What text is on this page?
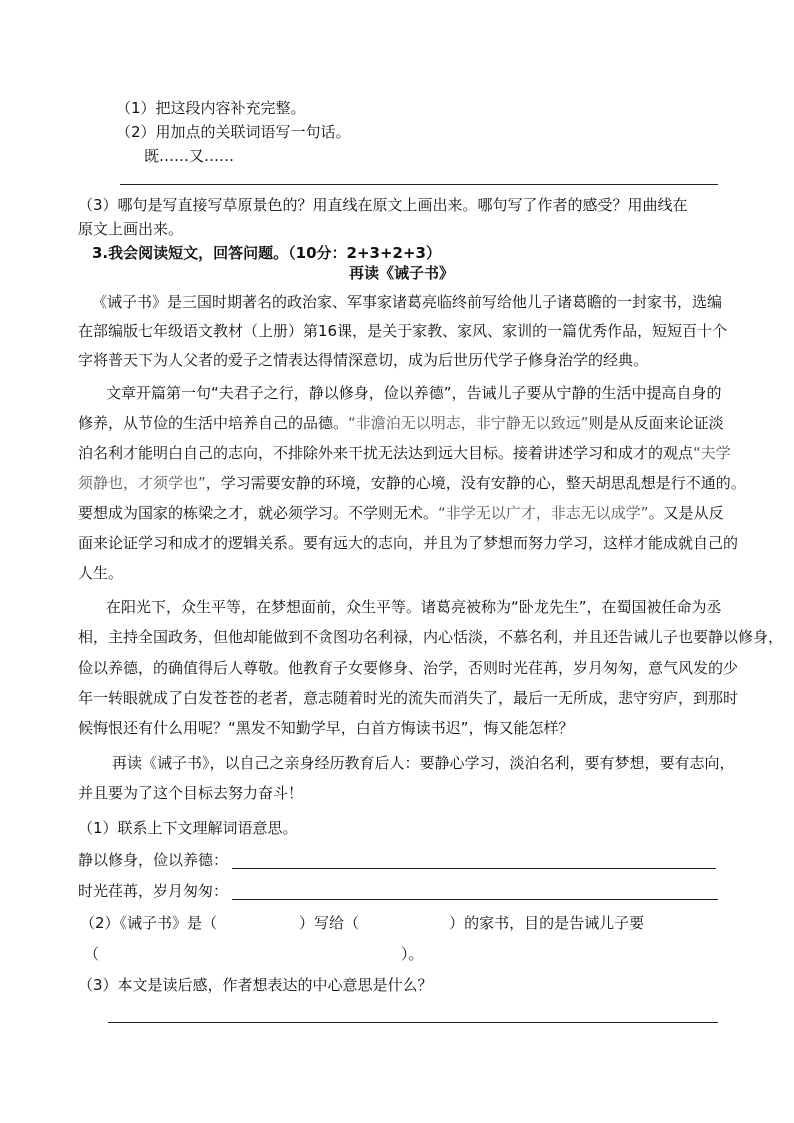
（1）把这段内容补充完整。
（2）用加点的关联词语写一句话。
既……又……
（3）哪句是写直接写草原景色的？用直线在原文上画出来。哪句写了作者的感受？用曲线在
原文上画出来。
3.我会阅读短文，回答问题。（10分：2+3+2+3）
再读《诫子书》
《诫子书》是三国时期著名的政治家、军事家诸葛亮临终前写给他儿子诸葛瞻的一封家书，选编
在部编版七年级语文教材（上册）第16课，是关于家教、家风、家训的一篇优秀作品，短短百十个
字将普天下为人父者的爱子之情表达得情深意切，成为后世历代学子修身治学的经典。
文章开篇第一句“夫君子之行，静以修身，俭以养德”，告诫儿子要从宁静的生活中提高自身的
修养，从节俭的生活中培养自己的品德。“非澹泊无以明志，非宁静无以致远”则是从反面来论证淡
泊名利才能明白自己的志向，不排除外来干扰无法达到远大目标。接着讲述学习和成才的观点“夫学
须静也，才须学也”，学习需要安静的环境，安静的心境，没有安静的心，整天胡思乱想是行不通的。
要想成为国家的栋梁之才，就必须学习。不学则无术。“非学无以广才，非志无以成学”。又是从反
面来论证学习和成才的逻辑关系。要有远大的志向，并且为了梦想而努力学习，这样才能成就自己的
人生。
在阳光下，众生平等，在梦想面前，众生平等。诸葛亮被称为“卧龙先生”，在蜀国被任命为丞
相，主持全国政务，但他却能做到不贪图功名利禄，内心恬淡，不慕名利，并且还告诫儿子也要静以修身，
俭以养德，的确值得后人尊敬。他教育子女要修身、治学，否则时光荏苒，岁月匆匆，意气风发的少
年一转眼就成了白发苍苍的老者，意志随着时光的流失而消失了，最后一无所成，悲守穷庐，到那时
候悔恨还有什么用呢？“黑发不知勤学早，白首方悔读书迟”，悔又能怎样？
再读《诫子书》，以自己之亲身经历教育后人：要静心学习，淡泊名利，要有梦想，要有志向，
并且要为了这个目标去努力奋斗！
（1）联系上下文理解词语意思。
静以修身，俭以养德：
时光荏苒，岁月匆匆：
（2）《诫子书》是（	）写给（	）的家书，目的是告诫儿子要
（	）。
（3）本文是读后感，作者想表达的中心意思是什么？
